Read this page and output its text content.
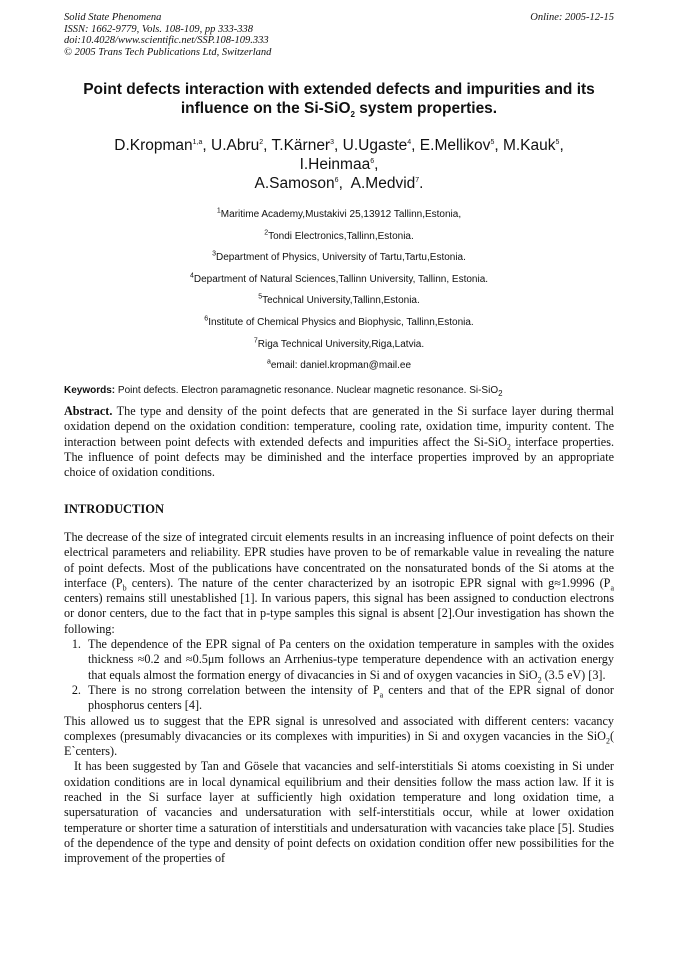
Solid State Phenomena
ISSN: 1662-9779, Vols. 108-109, pp 333-338
doi:10.4028/www.scientific.net/SSP.108-109.333
© 2005 Trans Tech Publications Ltd, Switzerland
Online: 2005-12-15
Point defects interaction with extended defects and impurities and its
influence on the Si-SiO$_2$ system properties.
D.Kropman$^{1,a}$, U.Abru$^2$, T.Kärner$^3$, U.Ugaste$^4$, E.Mellikov$^5$, M.Kauk$^5$,
I.Heinmaa$^6$,
A.Samoson$^6$,  A.Medvid$^7$.
$^1$Maritime Academy,Mustakivi 25,13912 Tallinn,Estonia,
$^2$Tondi Electronics,Tallinn,Estonia.
$^3$Department of Physics, University of Tartu,Tartu,Estonia.
$^4$Department of Natural Sciences,Tallinn University, Tallinn, Estonia.
$^5$Technical University,Tallinn,Estonia.
$^6$Institute of Chemical Physics and Biophysic, Tallinn,Estonia.
$^7$Riga Technical University,Riga,Latvia.
$^a$email: daniel.kropman@mail.ee
Keywords: Point defects. Electron paramagnetic resonance. Nuclear magnetic resonance. Si-SiO$_2$

Abstract. The type and density of the point defects that are generated in the Si surface layer during thermal oxidation depend on the oxidation condition: temperature, cooling rate, oxidation time, impurity content. The interaction between point defects with extended defects and impurities affect the Si-SiO$_2$ interface properties. The influence of point defects may be diminished and the interface properties improved by an appropriate choice of oxidation conditions.

INTRODUCTION

The decrease of the size of integrated circuit elements results in an increasing influence of point defects on their electrical parameters and reliability. EPR studies have proven to be of remarkable value in revealing the nature of point defects. Most of the publications have concentrated on the nonsaturated bonds of the Si atoms at the interface ($P_b$ centers). The nature of the center characterized by an isotropic EPR signal with g≈1.9996 ($P_a$ centers) remains still unestablished [1]. In various papers, this signal has been assigned to conduction electrons or donor centers, due to the fact that in p-type samples this signal is absent [2].Our investigation has shown the following:

1. The dependence of the EPR signal of Pa centers on the oxidation temperature in samples with the oxides thickness ≈0.2 and ≈0.5μm follows an Arrhenius-type temperature dependence with an activation energy that equals almost the formation energy of divacancies in Si and of oxygen vacancies in SiO$_2$ (3.5 eV) [3].
2. There is no strong correlation between the intensity of $P_a$ centers and that of the EPR signal of donor phosphorus centers [4].

This allowed us to suggest that the EPR signal is unresolved and associated with different centers: vacancy complexes (presumably divacancies or its complexes with impurities) in Si and oxygen vacancies in the SiO$_2$( E`centers).

It has been suggested by Tan and Gösele that vacancies and self-interstitials Si atoms coexisting in Si under oxidation conditions are in local dynamical equilibrium and their densities follow the mass action law. If it is reached in the Si surface layer at sufficiently high oxidation temperature and long oxidation time, a supersaturation of vacancies and undersaturation with self-interstitials occur, while at lower oxidation temperature or shorter time a saturation of interstitials and undersaturation with vacancies take place [5]. Studies of the dependence of the type and density of point defects on oxidation condition offer new possibilities for the improvement of the properties of
